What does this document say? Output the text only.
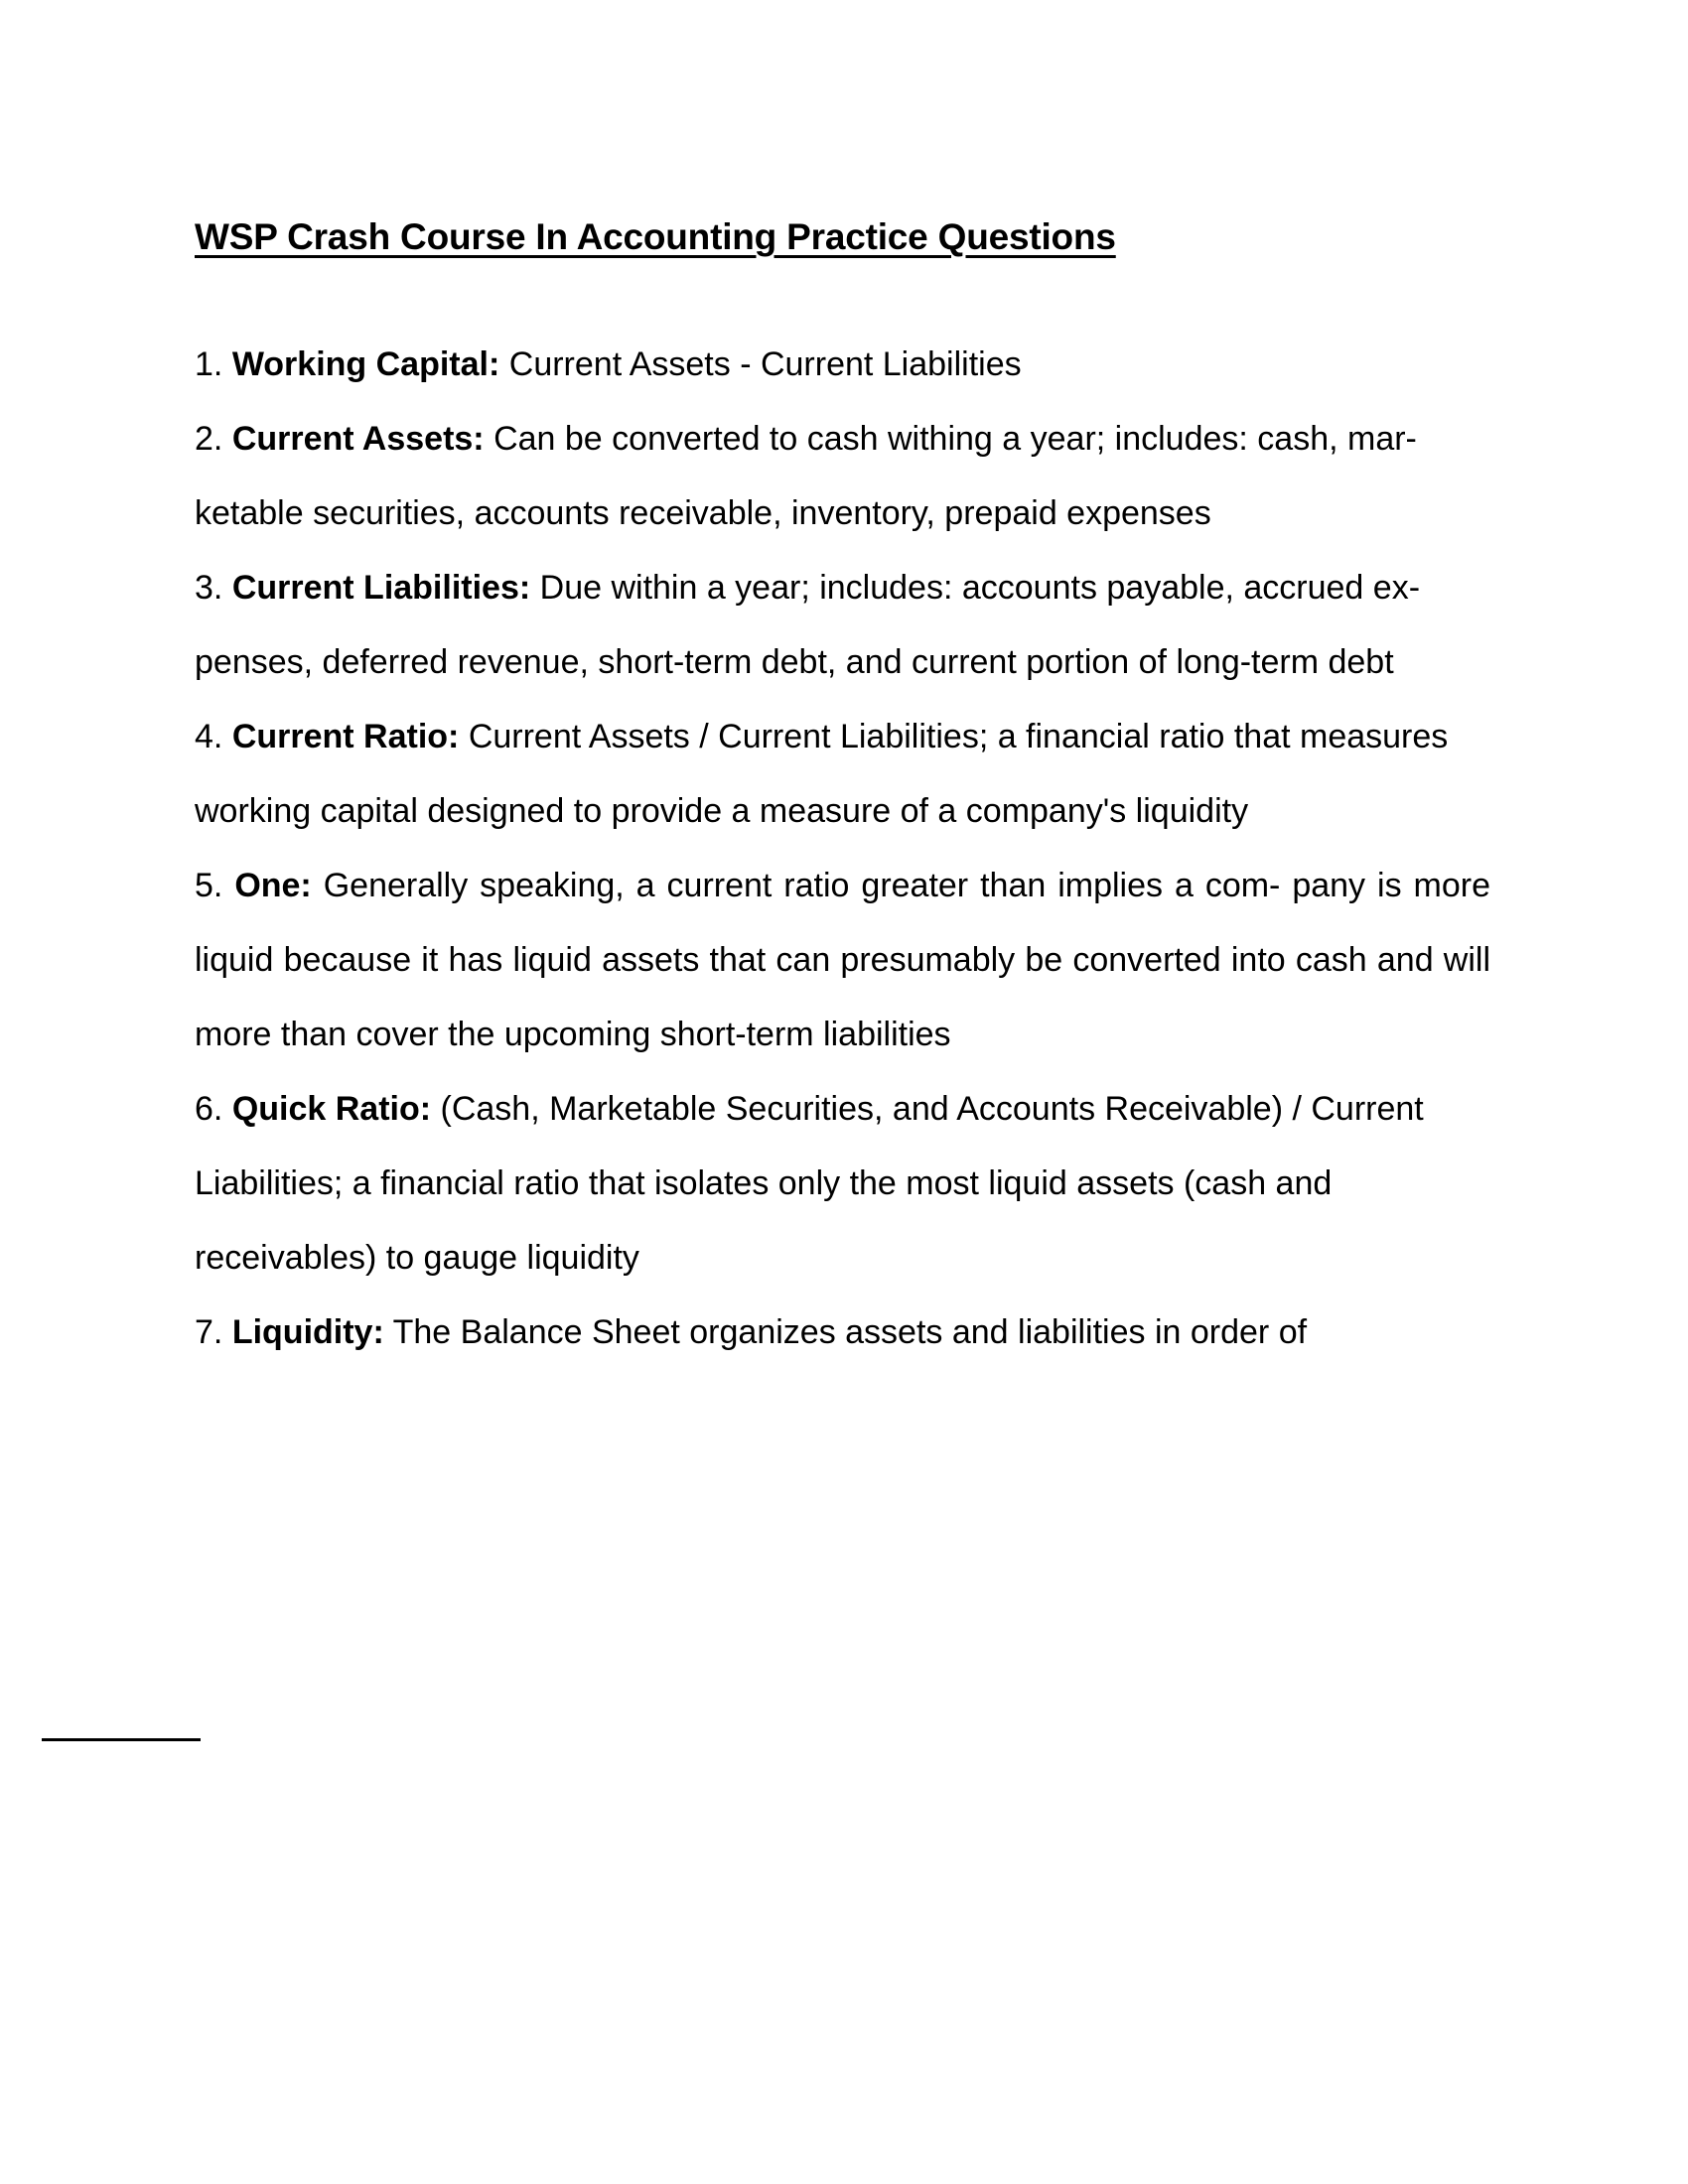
WSP Crash Course In Accounting Practice Questions

1. Working Capital: Current Assets - Current Liabilities

2. Current Assets: Can be converted to cash withing a year; includes: cash, mar- ketable securities, accounts receivable, inventory, prepaid expenses

3. Current Liabilities: Due within a year; includes: accounts payable, accrued ex- penses, deferred revenue, short-term debt, and current portion of long-term debt

4. Current Ratio: Current Assets / Current Liabilities; a financial ratio that measures working capital designed to provide a measure of a company's liquidity

5. One: Generally speaking, a current ratio greater than implies a com- pany is more liquid because it has liquid assets that can presumably be converted into cash and will more than cover the upcoming short-term liabilities

6. Quick Ratio: (Cash, Marketable Securities, and Accounts Receivable) / Current Liabilities; a financial ratio that isolates only the most liquid assets (cash and receivables) to gauge liquidity

7. Liquidity: The Balance Sheet organizes assets and liabilities in order of
